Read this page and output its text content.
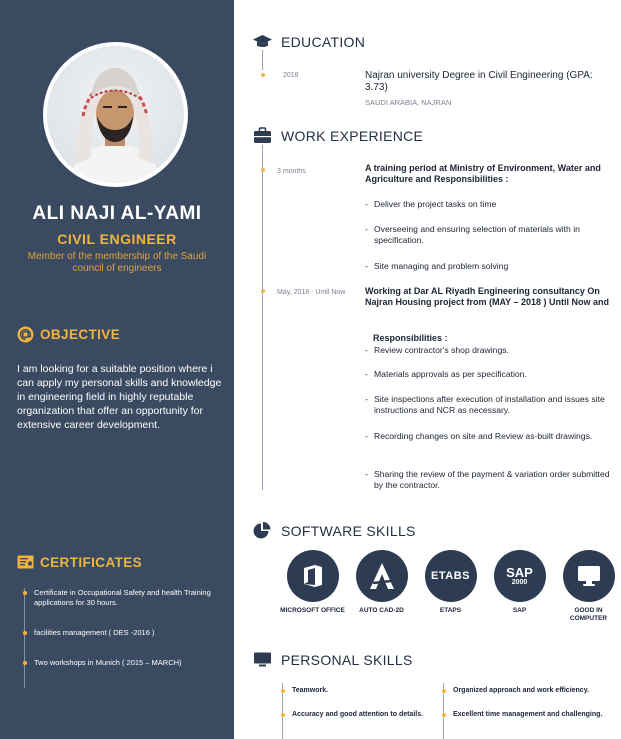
ALI NAJI AL-YAMI
CIVIL ENGINEER
Member of the membership of the Saudi council of engineers
OBJECTIVE
I am looking for a suitable position where i can apply my personal skills and knowledge in engineering field in highly reputable organization that offer an opportunity for extensive career development.
CERTIFICATES
Certificate in Occupational Safety and health Training applications for 30 hours.
facilities management ( DES -2016 )
Two workshops in Munich ( 2015 – MARCH)
EDUCATION
2018	Najran university Degree in Civil Engineering (GPA: 3.73)
SAUDI ARABIA, NAJRAN
WORK EXPERIENCE
3 months	A training period at Ministry of Environment, Water and Agriculture and Responsibilities :
- Deliver the project tasks on time
- Overseeing and ensuring selection of materials with in specification.
- Site managing and problem solving
May, 2018 - Until Now Working at Dar AL Riyadh Engineering consultancy On Najran Housing project from (MAY – 2018 ) Until Now and
Responsibilities :
- Review contractor's shop drawings.
- Materials approvals as per specification.
- Site inspections after execution of installation and issues site instructions and NCR as necessary.
- Recording changes on site and Review as-built drawings.
- Sharing the review of the payment & variation order submitted by the contractor.
SOFTWARE SKILLS
MICROSOFT OFFICE	AUTO CAD-2D
ETABS
ETAPS
SAP
2000
SAP	GOOD IN COMPUTER
PERSONAL SKILLS
Teamwork.
Accuracy and good attention to details.
Organized approach and work efficiency.
Excellent time management and challenging.
